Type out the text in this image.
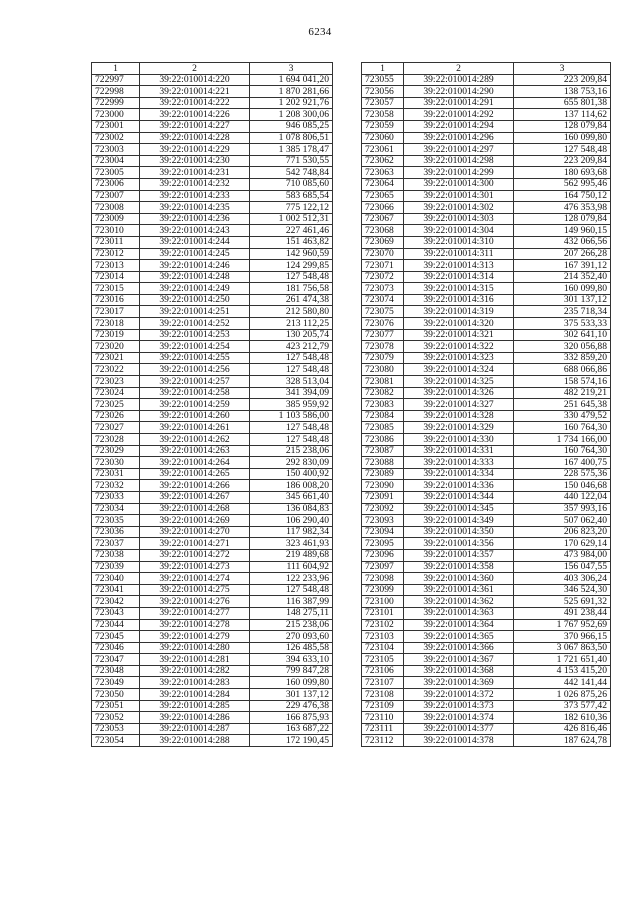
6234
1	2	3
722997	39:22:010014:220	1 694 041,20
722998	39:22:010014:221	1 870 281,66
722999	39:22:010014:222	1 202 921,76
723000	39:22:010014:226	1 208 300,06
723001	39:22:010014:227	946 085,25
723002	39:22:010014:228	1 078 806,51
723003	39:22:010014:229	1 385 178,47
723004	39:22:010014:230	771 530,55
723005	39:22:010014:231	542 748,84
723006	39:22:010014:232	710 085,60
723007	39:22:010014:233	583 685,54
723008	39:22:010014:235	775 122,12
723009	39:22:010014:236	1 002 512,31
723010	39:22:010014:243	227 461,46
723011	39:22:010014:244	151 463,82
723012	39:22:010014:245	142 960,59
723013	39:22:010014:246	124 299,85
723014	39:22:010014:248	127 548,48
723015	39:22:010014:249	181 756,58
723016	39:22:010014:250	261 474,38
723017	39:22:010014:251	212 580,80
723018	39:22:010014:252	213 112,25
723019	39:22:010014:253	130 205,74
723020	39:22:010014:254	423 212,79
723021	39:22:010014:255	127 548,48
723022	39:22:010014:256	127 548,48
723023	39:22:010014:257	328 513,04
723024	39:22:010014:258	341 394,09
723025	39:22:010014:259	385 959,92
723026	39:22:010014:260	1 103 586,00
723027	39:22:010014:261	127 548,48
723028	39:22:010014:262	127 548,48
723029	39:22:010014:263	215 238,06
723030	39:22:010014:264	292 830,09
723031	39:22:010014:265	150 400,92
723032	39:22:010014:266	186 008,20
723033	39:22:010014:267	345 661,40
723034	39:22:010014:268	136 084,83
723035	39:22:010014:269	106 290,40
723036	39:22:010014:270	117 982,34
723037	39:22:010014:271	323 461,93
723038	39:22:010014:272	219 489,68
723039	39:22:010014:273	111 604,92
723040	39:22:010014:274	122 233,96
723041	39:22:010014:275	127 548,48
723042	39:22:010014:276	116 387,99
723043	39:22:010014:277	148 275,11
723044	39:22:010014:278	215 238,06
723045	39:22:010014:279	270 093,60
723046	39:22:010014:280	126 485,58
723047	39:22:010014:281	394 633,10
723048	39:22:010014:282	799 847,28
723049	39:22:010014:283	160 099,80
723050	39:22:010014:284	301 137,12
723051	39:22:010014:285	229 476,38
723052	39:22:010014:286	166 875,93
723053	39:22:010014:287	163 687,22
723054	39:22:010014:288	172 190,45
1	2	3
723055	39:22:010014:289	223 209,84
723056	39:22:010014:290	138 753,16
723057	39:22:010014:291	655 801,38
723058	39:22:010014:292	137 114,62
723059	39:22:010014:294	128 079,84
723060	39:22:010014:296	160 099,80
723061	39:22:010014:297	127 548,48
723062	39:22:010014:298	223 209,84
723063	39:22:010014:299	180 693,68
723064	39:22:010014:300	562 995,46
723065	39:22:010014:301	164 750,12
723066	39:22:010014:302	476 353,98
723067	39:22:010014:303	128 079,84
723068	39:22:010014:304	149 960,15
723069	39:22:010014:310	432 066,56
723070	39:22:010014:311	207 266,28
723071	39:22:010014:313	167 391,12
723072	39:22:010014:314	214 352,40
723073	39:22:010014:315	160 099,80
723074	39:22:010014:316	301 137,12
723075	39:22:010014:319	235 718,34
723076	39:22:010014:320	375 533,33
723077	39:22:010014:321	302 641,10
723078	39:22:010014:322	320 056,88
723079	39:22:010014:323	332 859,20
723080	39:22:010014:324	688 066,86
723081	39:22:010014:325	158 574,16
723082	39:22:010014:326	482 219,21
723083	39:22:010014:327	251 645,38
723084	39:22:010014:328	330 479,52
723085	39:22:010014:329	160 764,30
723086	39:22:010014:330	1 734 166,00
723087	39:22:010014:331	160 764,30
723088	39:22:010014:333	167 400,75
723089	39:22:010014:334	228 575,36
723090	39:22:010014:336	150 046,68
723091	39:22:010014:344	440 122,04
723092	39:22:010014:345	357 993,16
723093	39:22:010014:349	507 062,40
723094	39:22:010014:350	206 823,20
723095	39:22:010014:356	170 629,14
723096	39:22:010014:357	473 984,00
723097	39:22:010014:358	156 047,55
723098	39:22:010014:360	403 306,24
723099	39:22:010014:361	346 524,30
723100	39:22:010014:362	525 691,32
723101	39:22:010014:363	491 238,44
723102	39:22:010014:364	1 767 952,69
723103	39:22:010014:365	370 966,15
723104	39:22:010014:366	3 067 863,50
723105	39:22:010014:367	1 721 651,40
723106	39:22:010014:368	4 153 415,20
723107	39:22:010014:369	442 141,44
723108	39:22:010014:372	1 026 875,26
723109	39:22:010014:373	373 577,42
723110	39:22:010014:374	182 610,36
723111	39:22:010014:377	426 816,46
723112	39:22:010014:378	187 624,78
